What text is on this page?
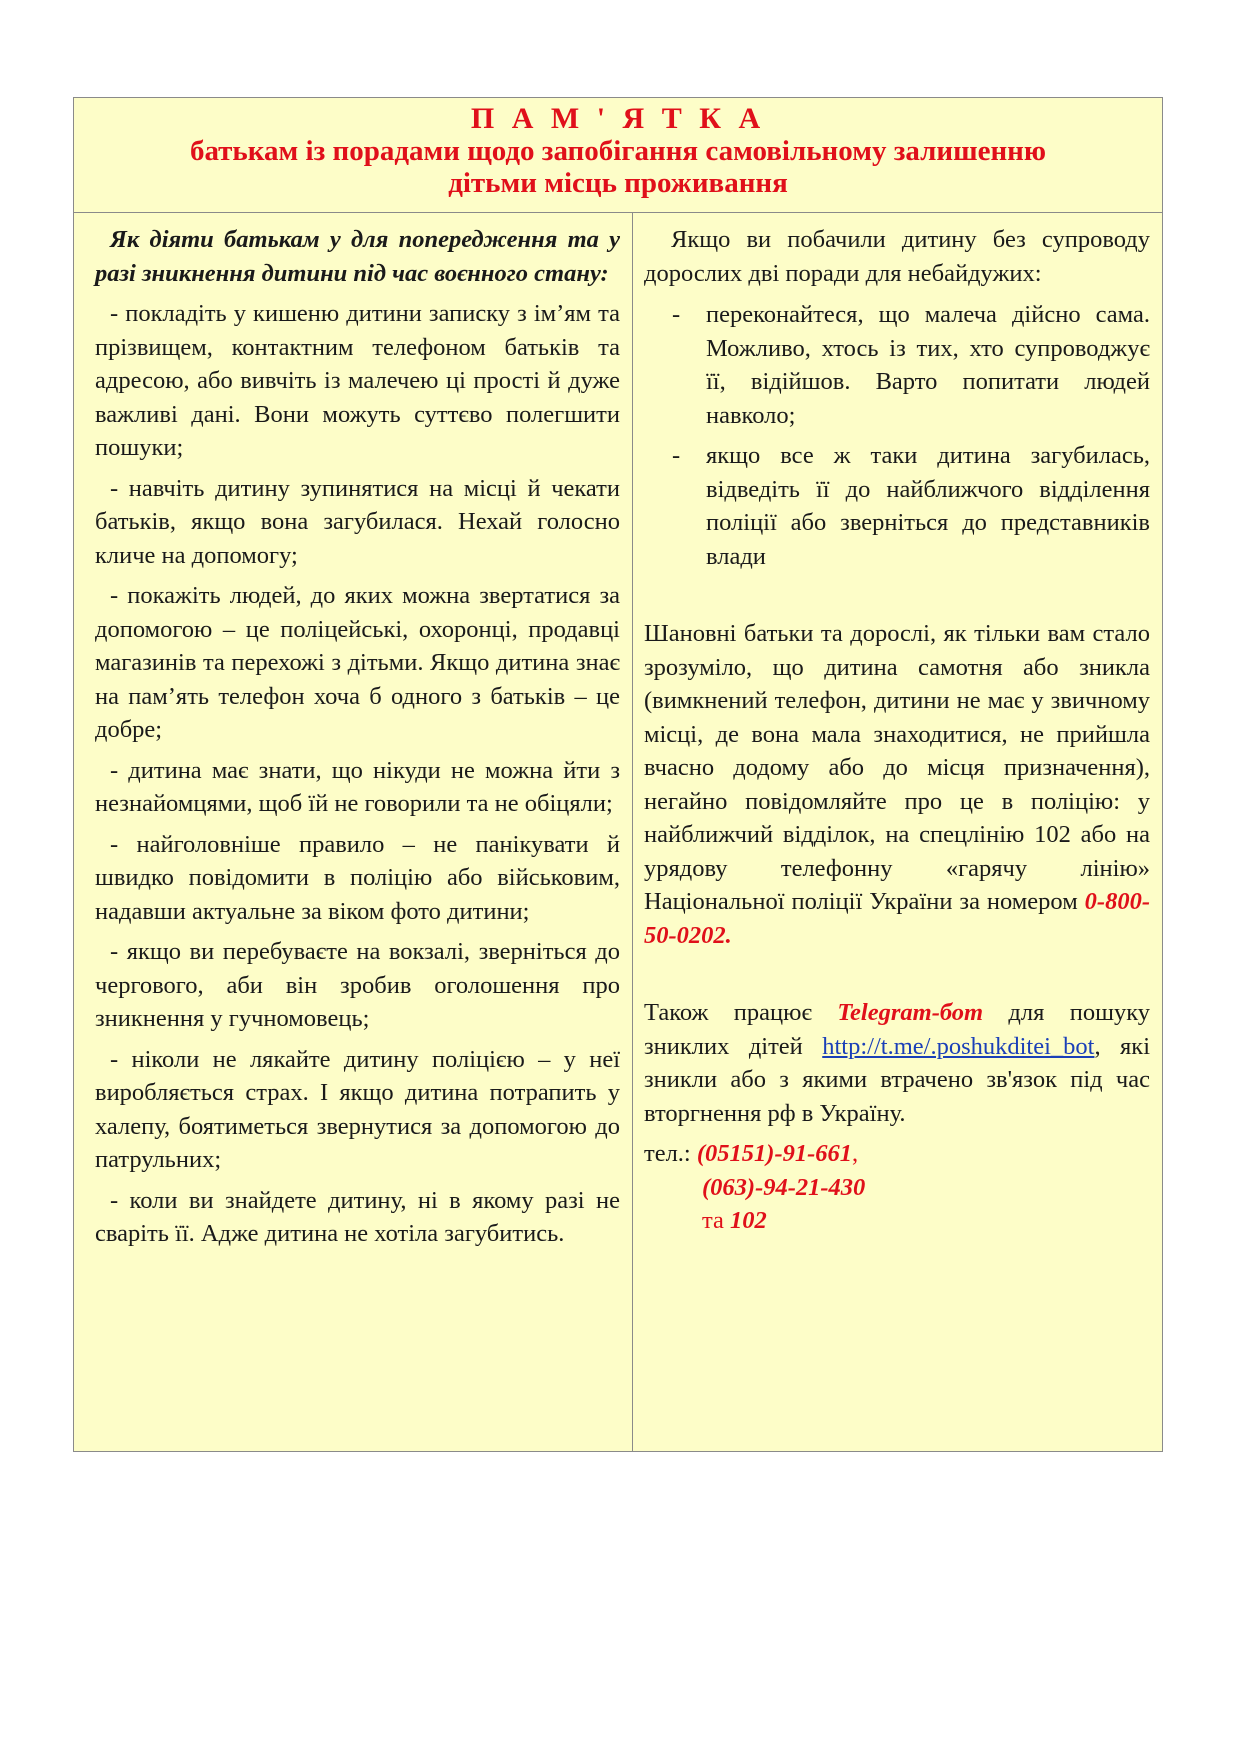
П А М ' Я Т К А
батькам із порадами щодо запобігання самовільному залишенню
дітьми місць проживання

Як діяти батькам у для попередження та у разі зникнення дитини під час воєнного стану:

- покладіть у кишеню дитини записку з ім’ям та прізвищем, контактним телефоном батьків та адресою, або вивчіть із малечею ці прості й дуже важливі дані. Вони можуть суттєво полегшити пошуки;

- навчіть дитину зупинятися на місці й чекати батьків, якщо вона загубилася. Нехай голосно кличе на допомогу;

- покажіть людей, до яких можна звертатися за допомогою – це поліцейські, охоронці, продавці магазинів та перехожі з дітьми. Якщо дитина знає на пам’ять телефон хоча б одного з батьків – це добре;

- дитина має знати, що нікуди не можна йти з незнайомцями, щоб їй не говорили та не обіцяли;

- найголовніше правило – не панікувати й швидко повідомити в поліцію або військовим, надавши актуальне за віком фото дитини;

- якщо ви перебуваєте на вокзалі, зверніться до чергового, аби він зробив оголошення про зникнення у гучномовець;

- ніколи не лякайте дитину поліцією – у неї виробляється страх. І якщо дитина потрапить у халепу, боятиметься звернутися за допомогою до патрульних;

- коли ви знайдете дитину, ні в якому разі не сваріть її. Адже дитина не хотіла загубитись.

Якщо ви побачили дитину без супроводу дорослих дві поради для небайдужих:

- переконайтеся, що малеча дійсно сама. Можливо, хтось із тих, хто супроводжує її, відійшов. Варто попитати людей навколо;

- якщо все ж таки дитина загубилась, відведіть її до найближчого відділення поліції або зверніться до представників влади

Шановні батьки та дорослі, як тільки вам стало зрозуміло, що дитина самотня або зникла (вимкнений телефон, дитини не має у звичному місці, де вона мала знаходитися, не прийшла вчасно додому або до місця призначення), негайно повідомляйте про це в поліцію: у найближчий відділок, на спецлінію 102 або на урядову телефонну «гарячу лінію» Національної поліції України за номером 0-800-50-0202.

Також працює Telegram-бот для пошуку зниклих дітей http://t.me/.poshukditei_bot, які зникли або з якими втрачено зв'язок під час вторгнення рф в Україну.

тел.: (05151)-91-661,

(063)-94-21-430

та 102
